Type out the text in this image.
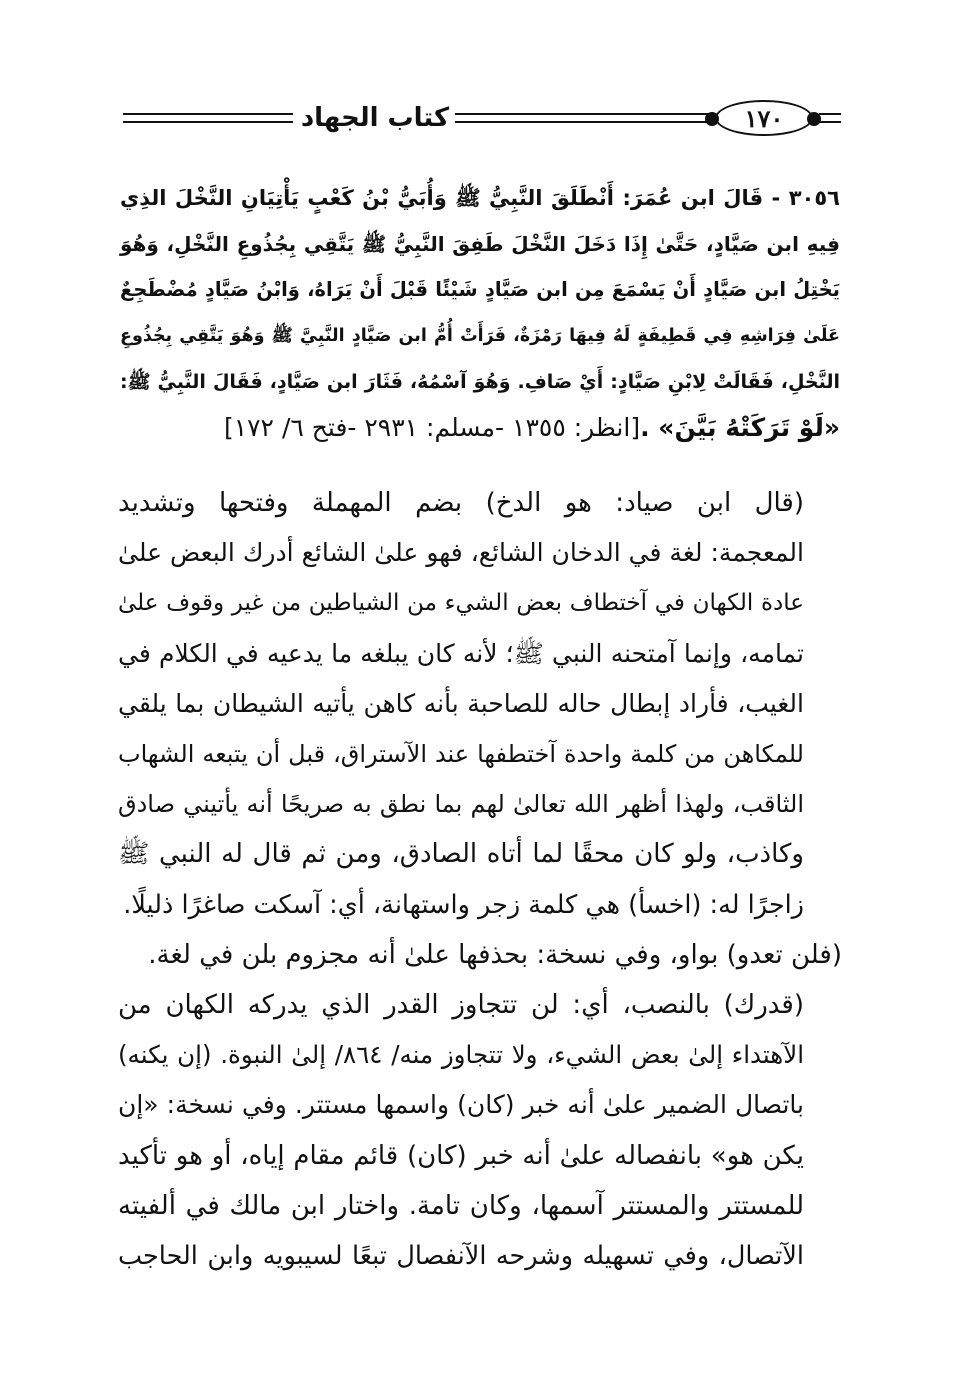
كتاب الجهاد	١٧٠
٣٠٥٦ - قَالَ ابن عُمَرَ: أَنْطَلَقَ النَّبِيُّ ﷺ وَأُبَيُّ بْنُ كَعْبٍ يَأْتِيَانِ النَّخْلَ الذِي
فِيهِ ابن صَيَّادٍ، حَتَّىٰ إِذَا دَخَلَ النَّخْلَ طَفِقَ النَّبِيُّ ﷺ يَتَّقِي بِجُذُوعِ النَّخْلِ، وَهُوَ
يَخْتِلُ ابن صَيَّادٍ أَنْ يَسْمَعَ مِن ابن صَيَّادٍ شَيْئًا قَبْلَ أَنْ يَرَاهُ، وَابْنُ صَيَّادٍ مُضْطَجِعٌ
عَلَىٰ فِرَاشِهِ فِي قَطِيفَةٍ لَهُ فِيهَا رَمْزَةٌ، فَرَأَتْ أُمُّ ابن صَيَّادٍ النَّبِيَّ ﷺ وَهُوَ يَتَّقِي بِجُذُوعِ
النَّخْلِ، فَقَالَتْ لِابْنِ صَيَّادٍ: أَيْ صَافِ. وَهُوَ آسْمُهُ، فَثَارَ ابن صَيَّادٍ، فَقَالَ النَّبِيُّ ﷺ:
«لَوْ تَرَكَتْهُ بَيَّنَ» .[انظر: ١٣٥٥ -مسلم: ٢٩٣١ -فتح ٦/ ١٧٢]

(قال ابن صياد: هو الدخ) بضم المهملة وفتحها وتشديد
المعجمة: لغة في الدخان الشائع، فهو علىٰ الشائع أدرك البعض علىٰ
عادة الكهان في آختطاف بعض الشيء من الشياطين من غير وقوف علىٰ
تمامه، وإنما آمتحنه النبي ﷺ؛ لأنه كان يبلغه ما يدعيه في الكلام في
الغيب، فأراد إبطال حاله للصاحبة بأنه كاهن يأتيه الشيطان بما يلقي
للمكاهن من كلمة واحدة آختطفها عند الآستراق، قبل أن يتبعه الشهاب
الثاقب، ولهذا أظهر الله تعالىٰ لهم بما نطق به صريحًا أنه يأتيني صادق
وكاذب، ولو كان محقًا لما أتاه الصادق، ومن ثم قال له النبي ﷺ
زاجرًا له: (اخسأ) هي كلمة زجر واستهانة، أي: آسكت صاغرًا ذليلًا.

(فلن تعدو) بواو، وفي نسخة: بحذفها علىٰ أنه مجزوم بلن في لغة.

(قدرك) بالنصب، أي: لن تتجاوز القدر الذي يدركه الكهان من
الآهتداء إلىٰ بعض الشيء، ولا تتجاوز منه/ ٨٦٤/ إلىٰ النبوة. (إن يكنه)
باتصال الضمير علىٰ أنه خبر (كان) واسمها مستتر. وفي نسخة: «إن
يكن هو» بانفصاله علىٰ أنه خبر (كان) قائم مقام إياه، أو هو تأكيد
للمستتر والمستتر آسمها، وكان تامة. واختار ابن مالك في ألفيته
الآتصال، وفي تسهيله وشرحه الآنفصال تبعًا لسيبويه وابن الحاجب
